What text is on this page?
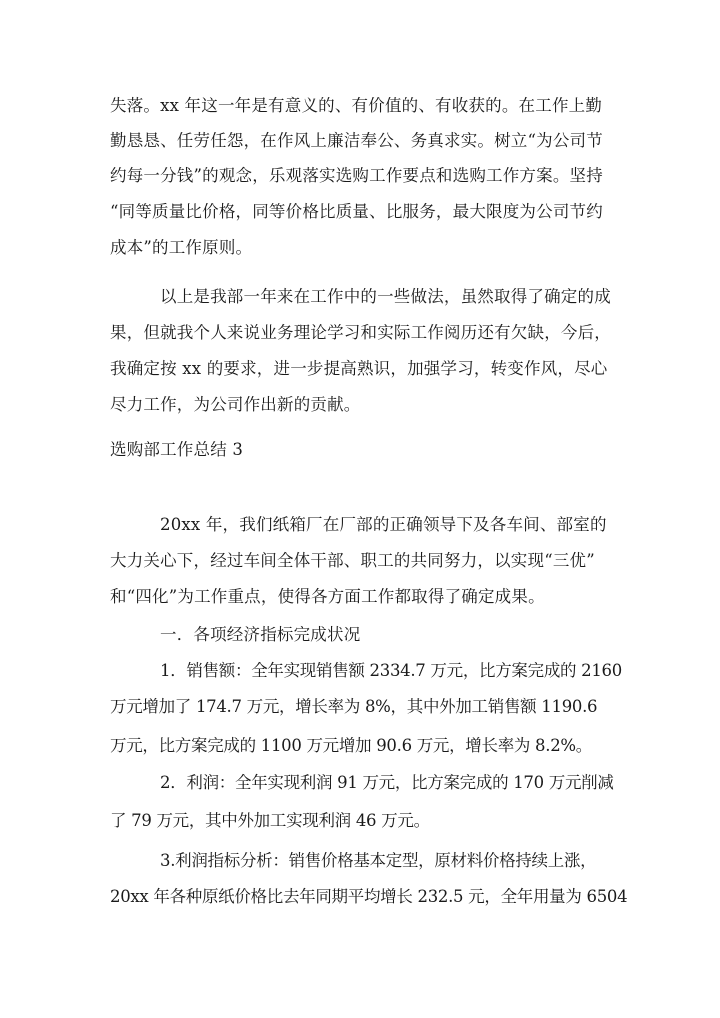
失落。xx 年这一年是有意义的、有价值的、有收获的。在工作上勤
勤恳恳、任劳任怨，在作风上廉洁奉公、务真求实。树立“为公司节
约每一分钱”的观念，乐观落实选购工作要点和选购工作方案。坚持
“同等质量比价格，同等价格比质量、比服务，最大限度为公司节约
成本”的工作原则。
以上是我部一年来在工作中的一些做法，虽然取得了确定的成
果，但就我个人来说业务理论学习和实际工作阅历还有欠缺，今后，
我确定按 xx 的要求，进一步提高熟识，加强学习，转变作风，尽心
尽力工作，为公司作出新的贡献。
选购部工作总结 3
20xx 年，我们纸箱厂在厂部的正确领导下及各车间、部室的
大力关心下，经过车间全体干部、职工的共同努力，以实现“三优”
和“四化”为工作重点，使得各方面工作都取得了确定成果。
一．各项经济指标完成状况
1．销售额：全年实现销售额 2334.7 万元，比方案完成的 2160
万元增加了 174.7 万元，增长率为 8%，其中外加工销售额 1190.6
万元，比方案完成的 1100 万元增加 90.6 万元，增长率为 8.2%。
2．利润：全年实现利润 91 万元，比方案完成的 170 万元削减
了 79 万元，其中外加工实现利润 46 万元。
3.利润指标分析：销售价格基本定型，原材料价格持续上涨，
20xx 年各种原纸价格比去年同期平均增长 232.5 元，全年用量为 6504
